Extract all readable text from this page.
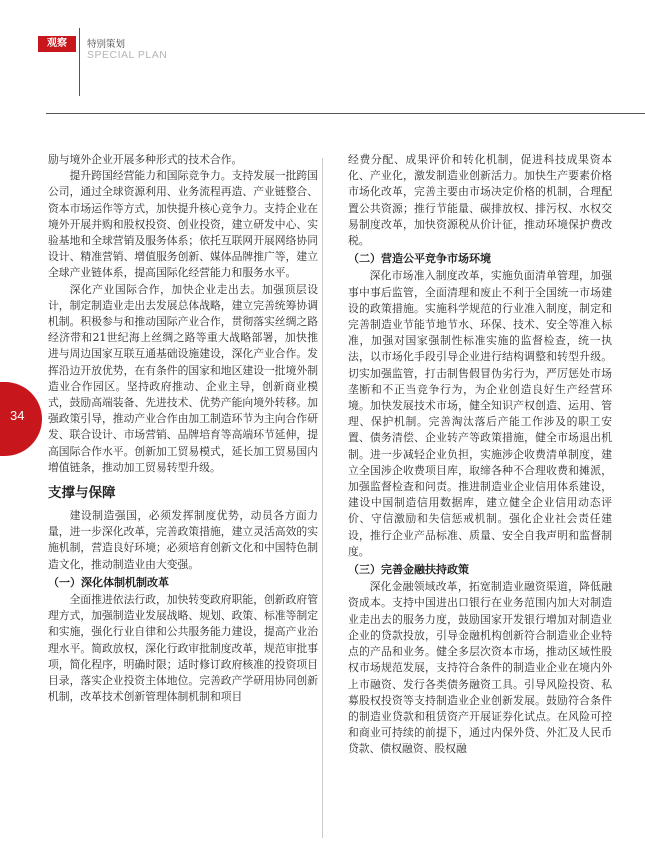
观察	特别策划
SPECIAL PLAN
34

励与境外企业开展多种形式的技术合作。

提升跨国经营能力和国际竞争力。支持发展一批跨国公司，通过全球资源利用、业务流程再造、产业链整合、资本市场运作等方式，加快提升核心竞争力。支持企业在境外开展并购和股权投资、创业投资，建立研发中心、实验基地和全球营销及服务体系；依托互联网开展网络协同设计、精准营销、增值服务创新、媒体品牌推广等，建立全球产业链体系，提高国际化经营能力和服务水平。

深化产业国际合作，加快企业走出去。加强顶层设计，制定制造业走出去发展总体战略，建立完善统筹协调机制。积极参与和推动国际产业合作，贯彻落实丝绸之路经济带和21世纪海上丝绸之路等重大战略部署，加快推进与周边国家互联互通基础设施建设，深化产业合作。发挥沿边开放优势，在有条件的国家和地区建设一批境外制造业合作园区。坚持政府推动、企业主导，创新商业模式，鼓励高端装备、先进技术、优势产能向境外转移。加强政策引导，推动产业合作由加工制造环节为主向合作研发、联合设计、市场营销、品牌培育等高端环节延伸，提高国际合作水平。创新加工贸易模式，延长加工贸易国内增值链条，推动加工贸易转型升级。

支撑与保障

建设制造强国，必须发挥制度优势，动员各方面力量，进一步深化改革，完善政策措施，建立灵活高效的实施机制，营造良好环境；必须培育创新文化和中国特色制造文化，推动制造业由大变强。

（一）深化体制机制改革

全面推进依法行政，加快转变政府职能，创新政府管理方式，加强制造业发展战略、规划、政策、标准等制定和实施，强化行业自律和公共服务能力建设，提高产业治理水平。简政放权，深化行政审批制度改革，规范审批事项，简化程序，明确时限；适时修订政府核准的投资项目目录，落实企业投资主体地位。完善政产学研用协同创新机制，改革技术创新管理体制机制和项目

经费分配、成果评价和转化机制，促进科技成果资本化、产业化，激发制造业创新活力。加快生产要素价格市场化改革，完善主要由市场决定价格的机制，合理配置公共资源；推行节能量、碳排放权、排污权、水权交易制度改革，加快资源税从价计征，推动环境保护费改税。

（二）营造公平竞争市场环境

深化市场准入制度改革，实施负面清单管理，加强事中事后监管，全面清理和废止不利于全国统一市场建设的政策措施。实施科学规范的行业准入制度，制定和完善制造业节能节地节水、环保、技术、安全等准入标准，加强对国家强制性标准实施的监督检查，统一执法，以市场化手段引导企业进行结构调整和转型升级。切实加强监管，打击制售假冒伪劣行为，严厉惩处市场垄断和不正当竞争行为，为企业创造良好生产经营环境。加快发展技术市场，健全知识产权创造、运用、管理、保护机制。完善淘汰落后产能工作涉及的职工安置、债务清偿、企业转产等政策措施，健全市场退出机制。进一步减轻企业负担，实施涉企收费清单制度，建立全国涉企收费项目库，取缔各种不合理收费和摊派，加强监督检查和问责。推进制造业企业信用体系建设，建设中国制造信用数据库，建立健全企业信用动态评价、守信激励和失信惩戒机制。强化企业社会责任建设，推行企业产品标准、质量、安全自我声明和监督制度。

（三）完善金融扶持政策

深化金融领域改革，拓宽制造业融资渠道，降低融资成本。支持中国进出口银行在业务范围内加大对制造业走出去的服务力度，鼓励国家开发银行增加对制造业企业的贷款投放，引导金融机构创新符合制造业企业特点的产品和业务。健全多层次资本市场，推动区域性股权市场规范发展，支持符合条件的制造业企业在境内外上市融资、发行各类债务融资工具。引导风险投资、私募股权投资等支持制造业企业创新发展。鼓励符合条件的制造业贷款和租赁资产开展证券化试点。在风险可控和商业可持续的前提下，通过内保外贷、外汇及人民币贷款、债权融资、股权融
